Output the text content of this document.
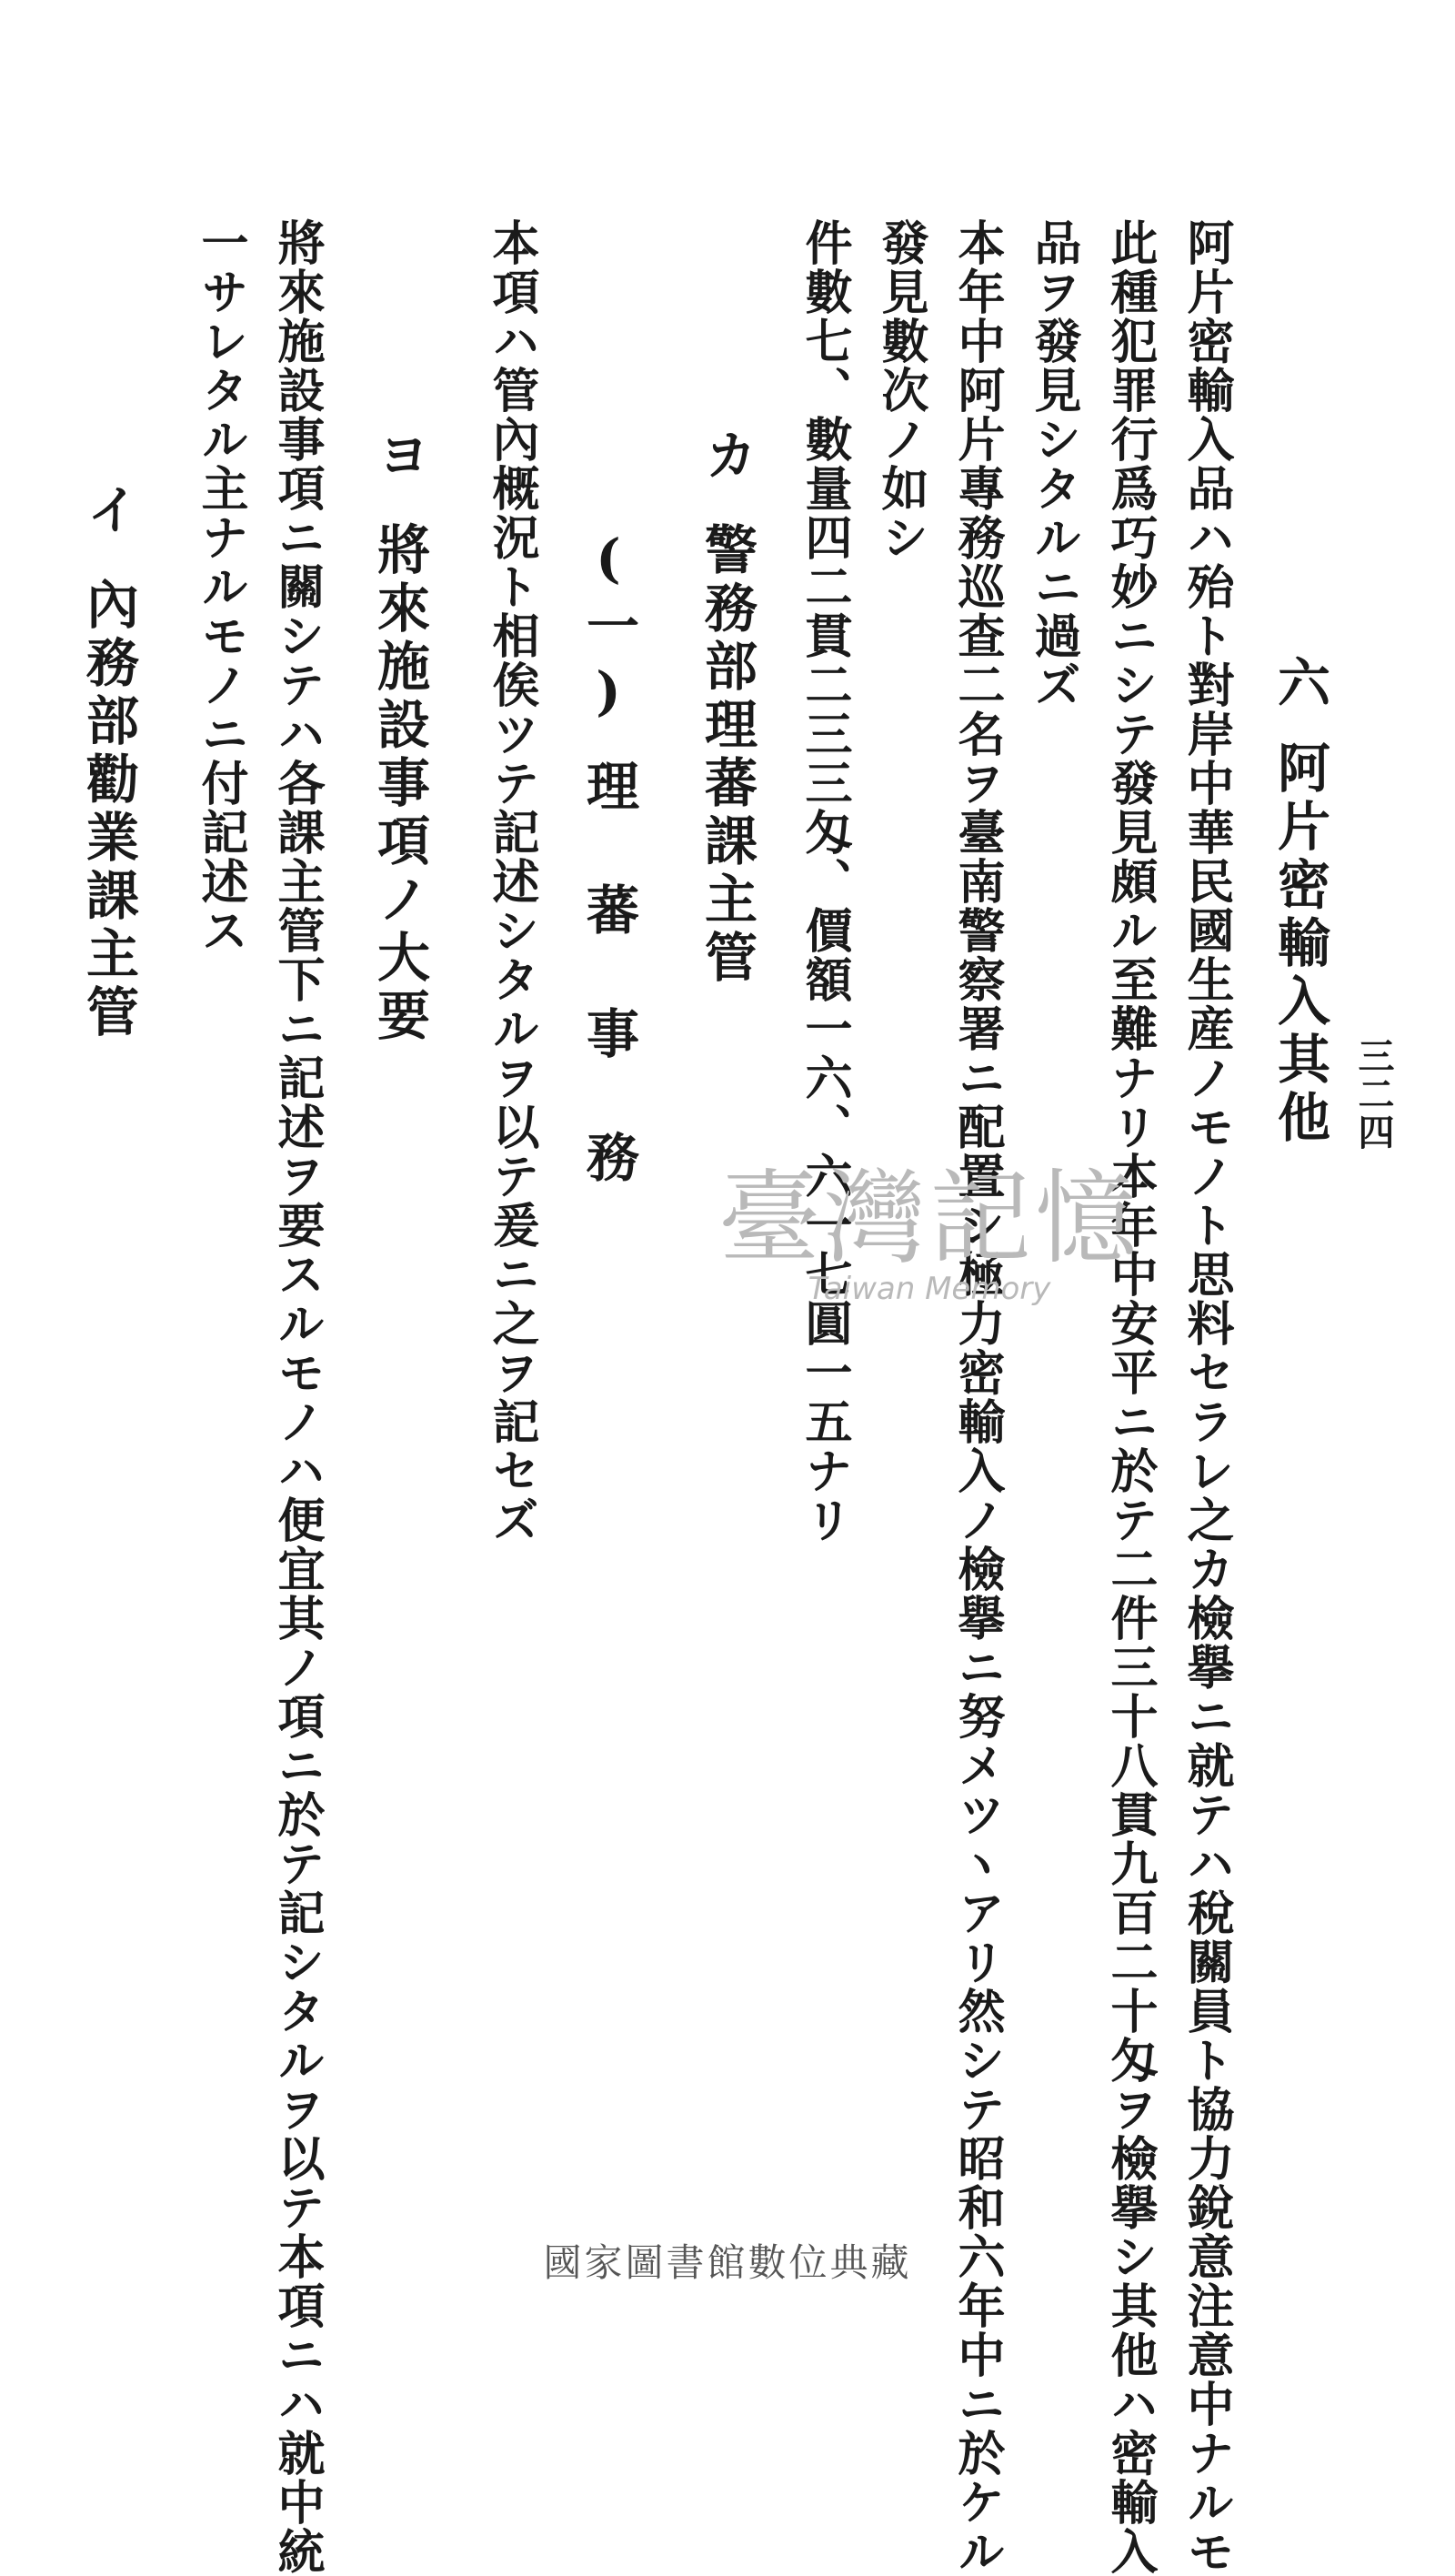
三二四
六阿片密輸入其他
阿片密輸入品ハ殆ト對岸中華民國生産ノモノト思料セラレ之カ檢擧ニ就テハ稅關員ト協力銳意注意中ナルモ
此種犯罪行爲巧妙ニシテ發見頗ル至難ナリ本年中安平ニ於テ二件三十八貫九百二十匁ヲ檢擧シ其他ハ密輸入
品ヲ發見シタルニ過ズ
本年中阿片專務巡查二名ヲ臺南警察署ニ配置シ極力密輸入ノ檢擧ニ努メツヽアリ然シテ昭和六年中ニ於ケル
發見數次ノ如シ
件數七、數量四二貫二三三匁、價額一六、六一七圓一五ナリ
カ警務部理蕃課主管
(一)理　蕃　事　務
本項ハ管內概況ト相俟ツテ記述シタルヲ以テ爰ニ之ヲ記セズ
ヨ將來施設事項ノ大要
將來施設事項ニ關シテハ各課主管下ニ記述ヲ要スルモノハ便宜其ノ項ニ於テ記シタルヲ以テ本項ニハ就中統
一サレタル主ナルモノニ付記述ス
イ內務部勸業課主管
臺灣記憶
Taiwan Memory
國家圖書館數位典藏
